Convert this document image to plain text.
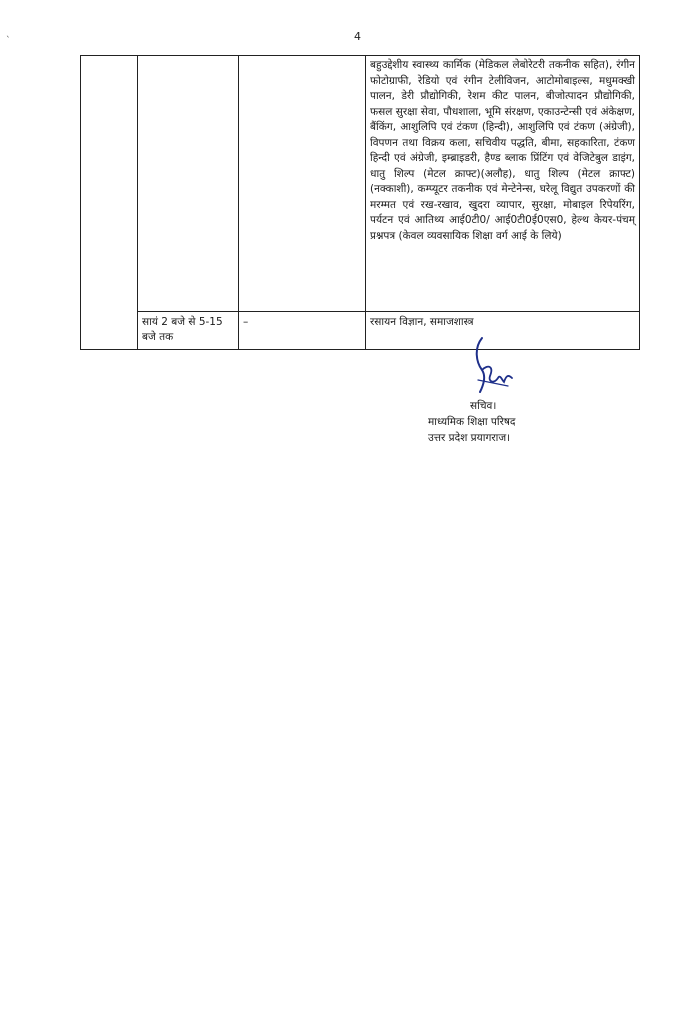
`	4
			बहुउद्देशीय स्वास्थ्य कार्मिक (मेडिकल लेबोरेटरी तकनीक सहित), रंगीन फोटोग्राफी, रेडियो एवं रंगीन टेलीविजन, आटोमोबाइल्स, मधुमक्खी पालन, डेरी प्रौद्योगिकी, रेशम कीट पालन, बीजोत्पादन प्रौद्योगिकी, फसल सुरक्षा सेवा, पौधशाला, भूमि संरक्षण, एकाउन्टेन्सी एवं अंकेक्षण, बैंकिंग, आशुलिपि एवं टंकण (हिन्दी), आशुलिपि एवं टंकण (अंग्रेजी), विपणन तथा विक्रय कला, सचिवीय पद्धति, बीमा, सहकारिता, टंकण हिन्दी एवं अंग्रेजी, इम्ब्राइडरी, हैण्ड ब्लाक प्रिंटिंग एवं वेजिटेबुल डाइंग, धातु शिल्प (मेटल क्राफ्ट)(अलौह), धातु शिल्प (मेटल क्राफ्ट)(नक्काशी), कम्प्यूटर तकनीक एवं मेन्टेनेन्स, घरेलू विद्युत उपकरणों की मरम्मत एवं रख-रखाव, खुदरा व्यापार, सुरक्षा, मोबाइल रिपेयरिंग, पर्यटन एवं आतिथ्य आई0टी0/ आई0टी0ई0एस0, हेल्थ केयर-पंचम् प्रश्नपत्र (केवल व्यवसायिक शिक्षा वर्ग आई के लिये)
	सायं 2 बजे से 5-15 बजे तक	–	रसायन विज्ञान, समाजशास्त्र
सचिव।
माध्यमिक शिक्षा परिषद
उत्तर प्रदेश प्रयागराज।
